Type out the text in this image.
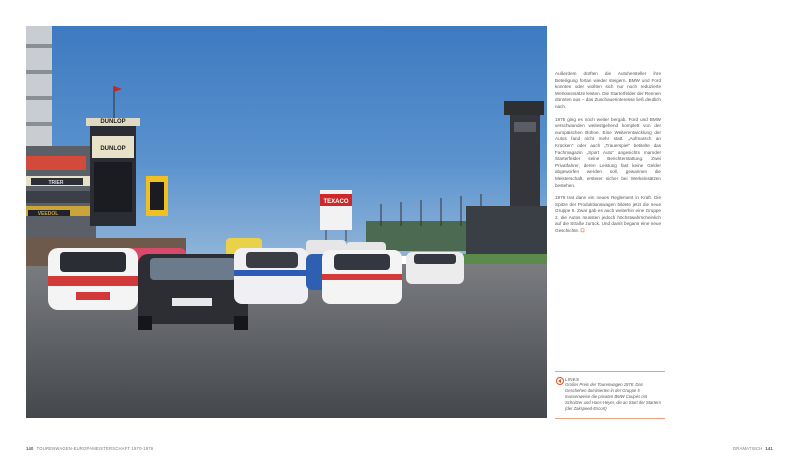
DUNLOP
DUNLOP
TEXACO
TRIER
VEEDOL

Außerdem dürften die Autohersteller ihre Beteiligung fortan wieder steigern. BMW und Ford konnten oder wollten sich nur noch reduzierte Werkseinsätze leisten. Die Starterfelder der Rennen dünnten aus – das Zuschauerinteresse ließ deutlich nach.

1975 ging es noch weiter bergab. Ford und BMW verschwanden weitestgehend komplett von der europäischen Bühne. Eine Weiterentwicklung der Autos fand nicht mehr statt. „Aufmarsch an Krücken“ oder auch „Trauerspiel“ betitelte das Fachmagazin „Sport Auto“ angesichts maroder Starterfelder seine Berichterstattung. Zwei Privatfahrer, deren Leistung fast keine Gelder abgeworfen werden soll, gewannen die Meisterschaft, ersterer sicher bei Werkeinsätzen bestehen.

1976 trat dann ein neues Reglement in Kraft. Die Spitze der Produktionswagen bildete jetzt die neue Gruppe 5. Zwar gab es auch weiterhin eine Gruppe 2, die Autos mussten jedoch höchstwahrscheinlich auf die Straße zurück. Und damit begann eine neue Geschichte. ☐

LINKS
Großer Preis der Tourenwagen 1976: Das Geschehen dominierten in der Gruppe 5 massenweise die privaten BMW Coupés mit Schnitzer und Hans-Heyer, die an Start der Startern (der Zakspeed-Escort)
140 TOURENWAGEN-EUROPAMEISTERSCHAFT 1970-1976	DRAMATISCH 141
